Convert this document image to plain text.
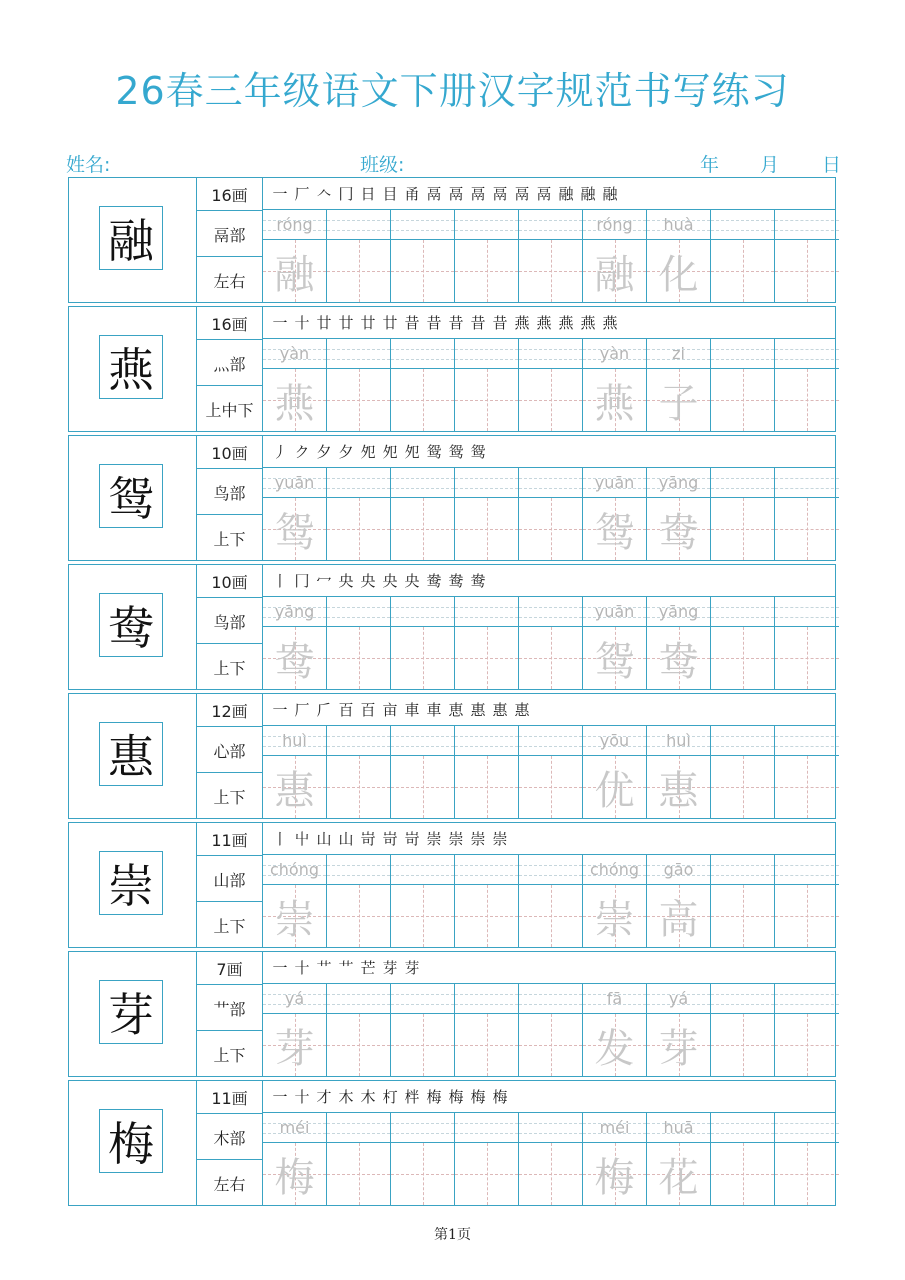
26春三年级语文下册汉字规范书写练习
姓名:	班级:	年 月 日
融
16画
鬲部
左右
一 厂 𠆢 冂 日 目 甬 鬲 鬲 鬲 鬲 鬲 鬲 融 融 融
róng
融
róng
融
huà
化
燕
16画
灬部
上中下
一 十 廿 廿 廿 廿 昔 昔 昔 昔 昔 燕 燕 燕 燕 燕
yàn
燕
yàn
燕
zi
子
鸳
10画
鸟部
上下
丿 ク 夕 夕 夗 夗 夗 鸳 鸳 鸳
yuān
鸳
yuān
鸳
yāng
鸯
鸯
10画
鸟部
上下
丨 冂 冖 央 央 央 央 鸯 鸯 鸯
yāng
鸯
yuān
鸳
yāng
鸯
惠
12画
心部
上下
一 厂 𠂆 百 百 亩 車 車 恵 惠 惠 惠
huì
惠
yōu
优
huì
惠
崇
11画
山部
上下
丨 屮 山 山 岢 岢 岢 崇 崇 崇 崇
chóng
崇
chóng
崇
gāo
高
芽
7画
艹部
上下
一 十 艹 艹 芒 芽 芽
yá
芽
fā
发
yá
芽
梅
11画
木部
左右
一 十 才 木 木 朾 柈 梅 梅 梅 梅
méi
梅
méi
梅
huā
花
第1页
